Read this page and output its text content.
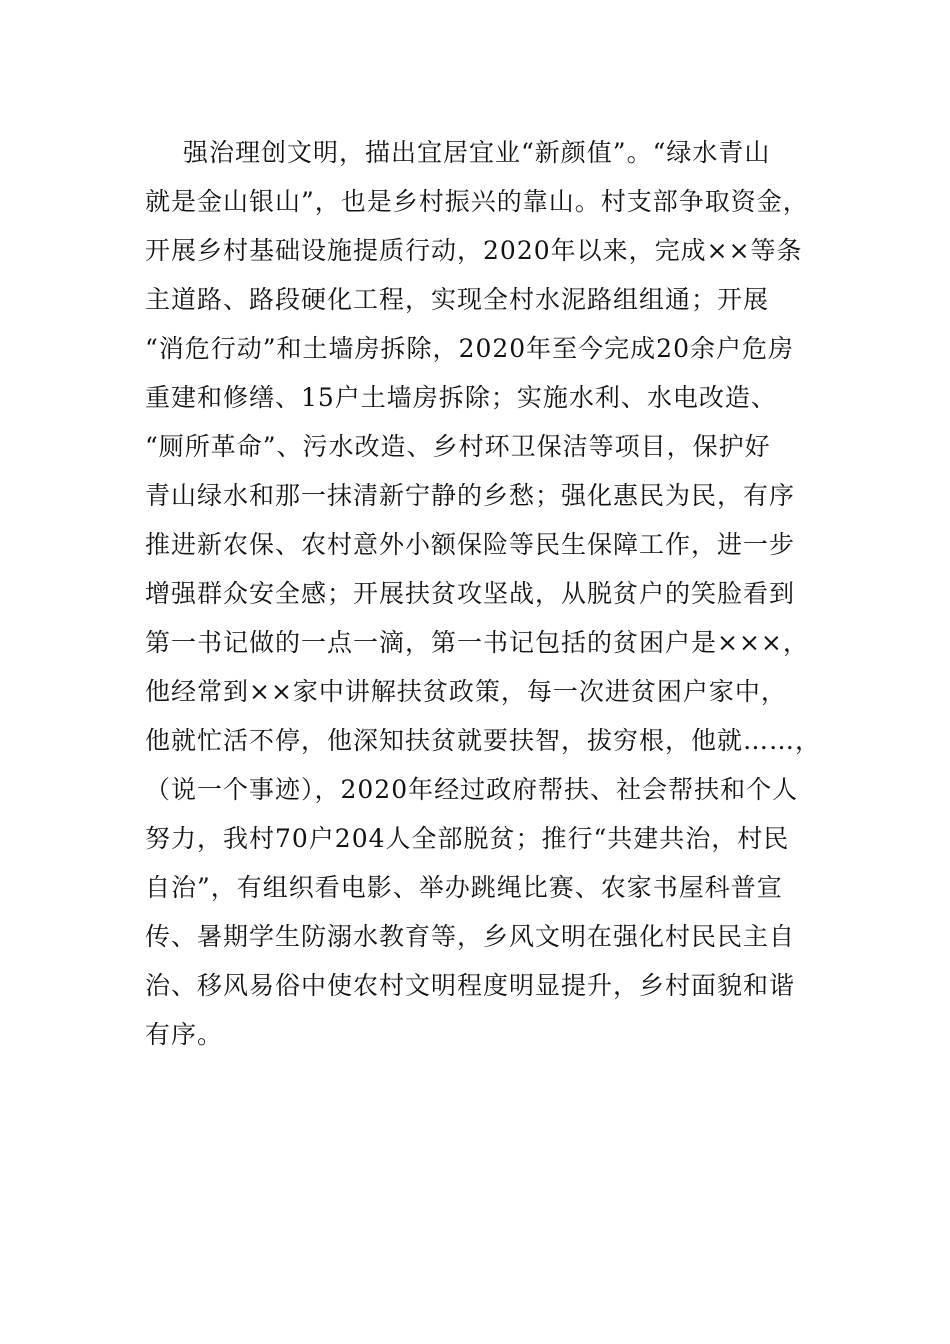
强治理创文明，描出宜居宜业“新颜值”。“绿水青山
就是金山银山”，也是乡村振兴的靠山。村支部争取资金，
开展乡村基础设施提质行动，2020年以来，完成××等条
主道路、路段硬化工程，实现全村水泥路组组通；开展
“消危行动”和土墙房拆除，2020年至今完成20余户危房
重建和修缮、15户土墙房拆除；实施水利、水电改造、
“厕所革命”、污水改造、乡村环卫保洁等项目，保护好
青山绿水和那一抹清新宁静的乡愁；强化惠民为民，有序
推进新农保、农村意外小额保险等民生保障工作，进一步
增强群众安全感；开展扶贫攻坚战，从脱贫户的笑脸看到
第一书记做的一点一滴，第一书记包括的贫困户是×××，
他经常到××家中讲解扶贫政策，每一次进贫困户家中，
他就忙活不停，他深知扶贫就要扶智，拔穷根，他就……，
（说一个事迹），2020年经过政府帮扶、社会帮扶和个人
努力，我村70户204人全部脱贫；推行“共建共治，村民
自治”，有组织看电影、举办跳绳比赛、农家书屋科普宣
传、暑期学生防溺水教育等，乡风文明在强化村民民主自
治、移风易俗中使农村文明程度明显提升，乡村面貌和谐
有序。
